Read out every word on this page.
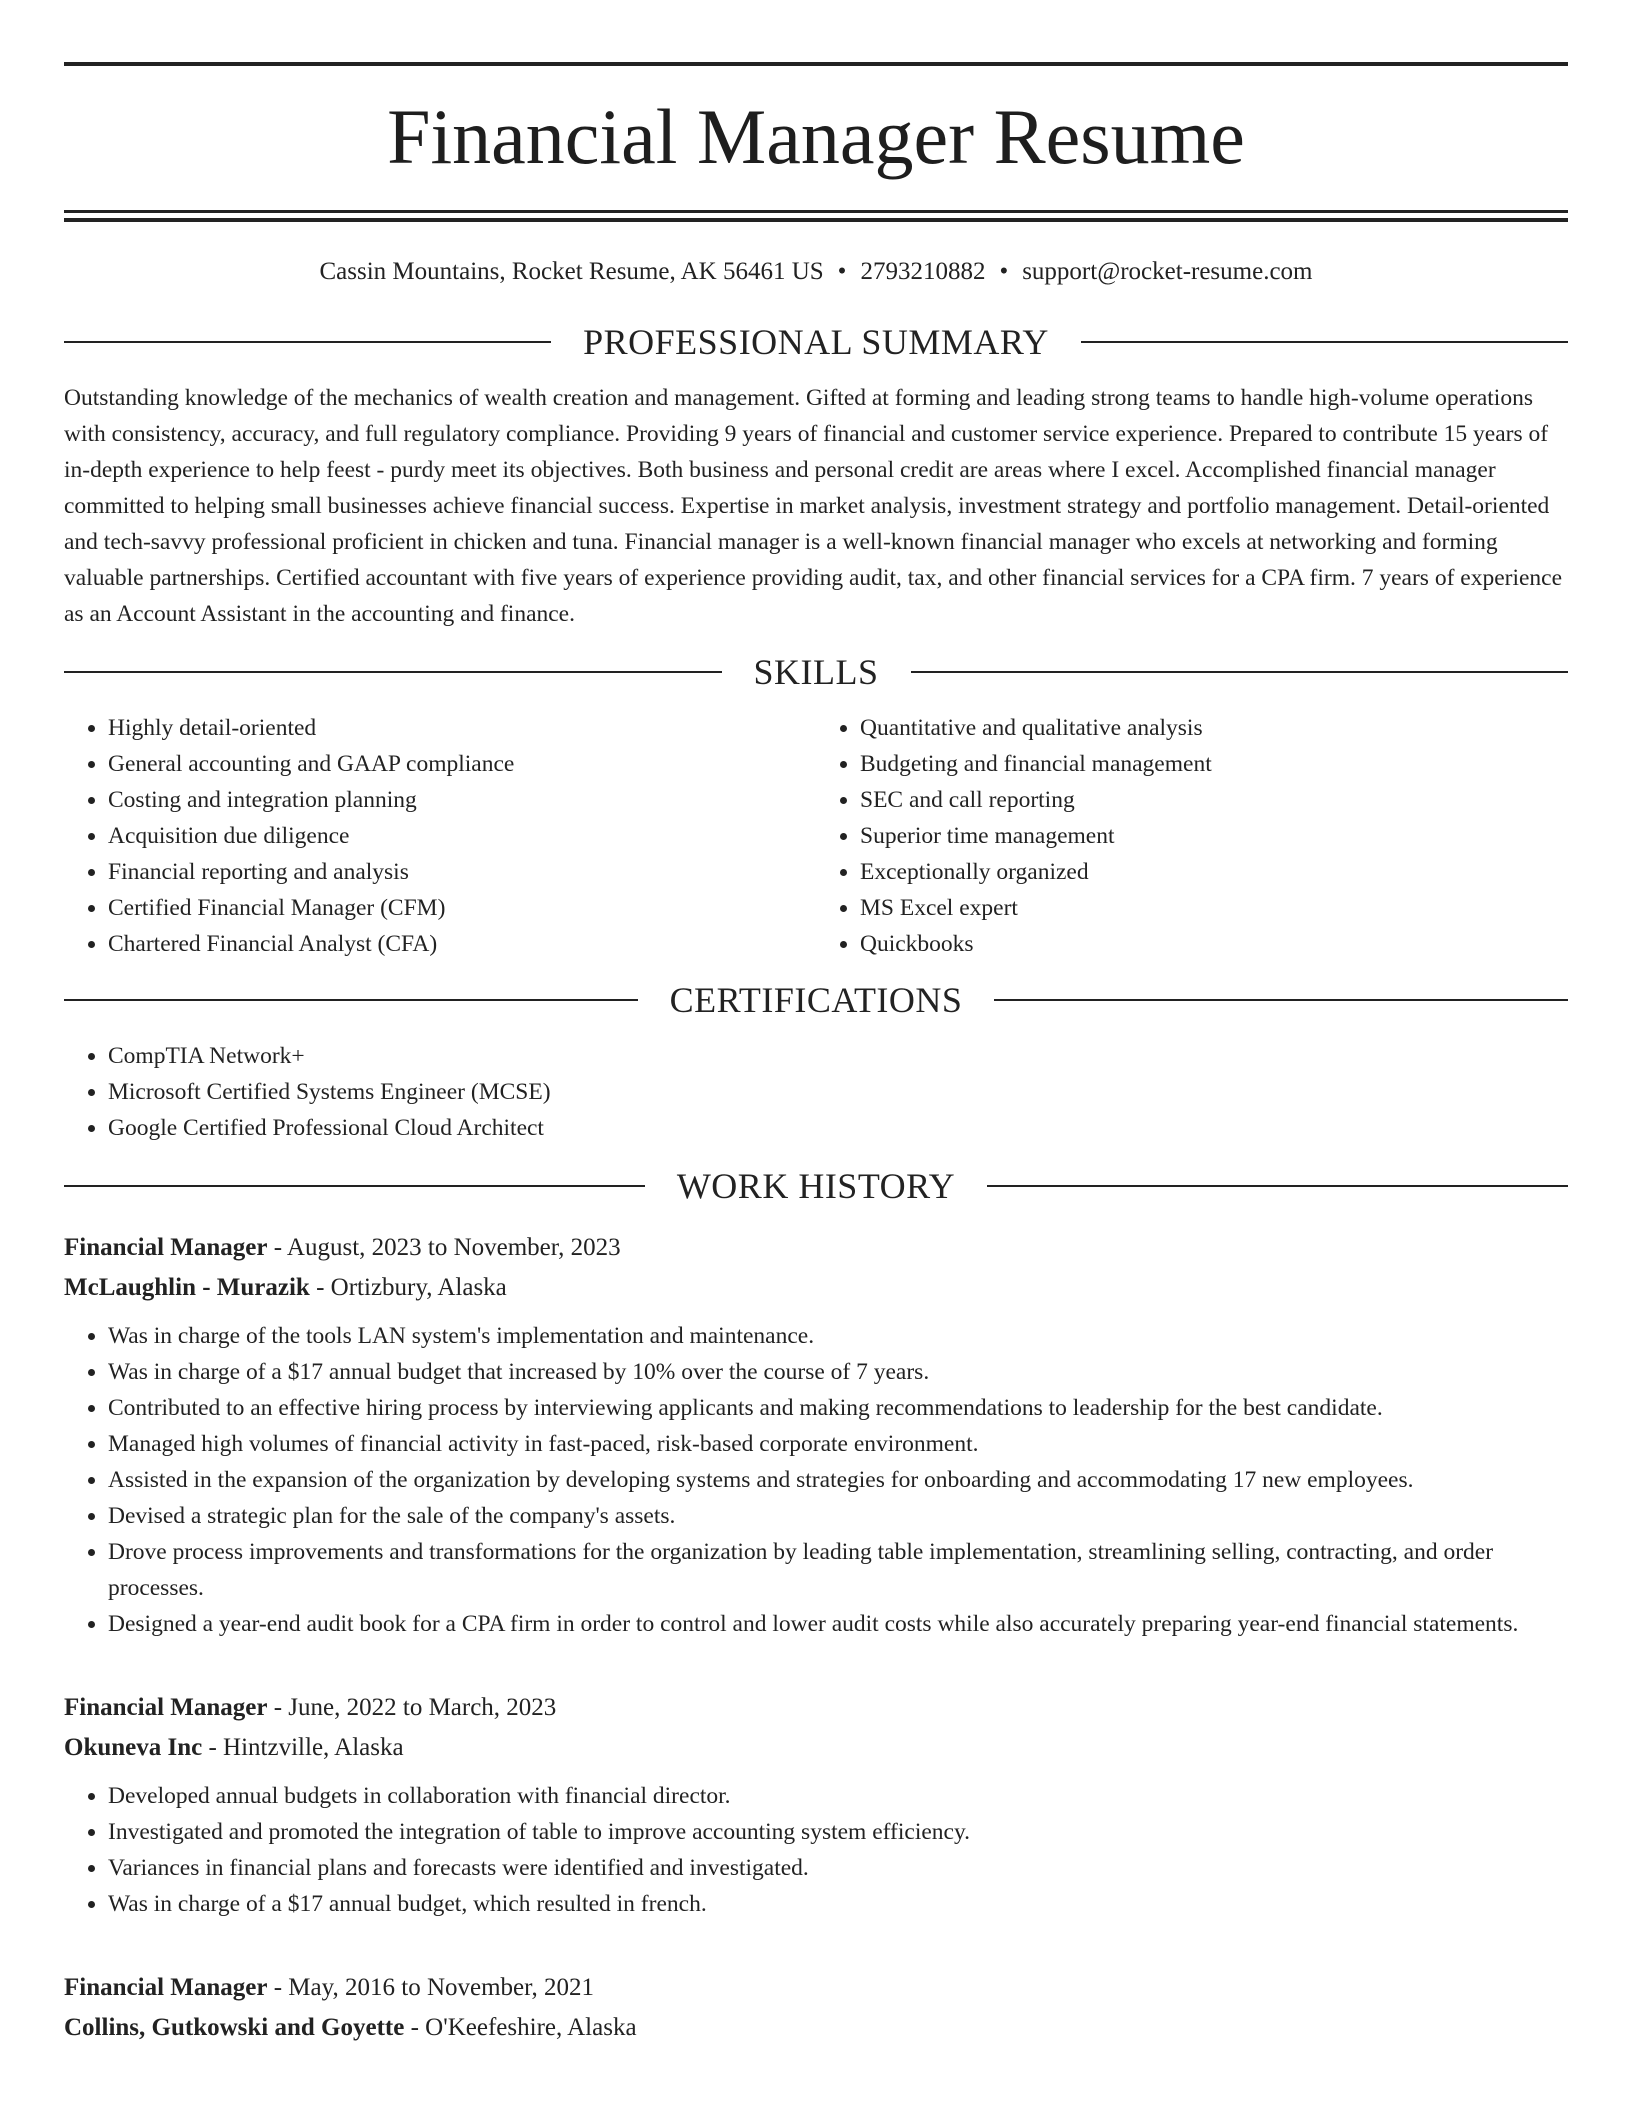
Financial Manager Resume
Cassin Mountains, Rocket Resume, AK 56461 US • 2793210882 • support@rocket-resume.com
PROFESSIONAL SUMMARY

Outstanding knowledge of the mechanics of wealth creation and management. Gifted at forming and leading strong teams to handle high-volume operations with consistency, accuracy, and full regulatory compliance. Providing 9 years of financial and customer service experience. Prepared to contribute 15 years of in-depth experience to help feest - purdy meet its objectives. Both business and personal credit are areas where I excel. Accomplished financial manager committed to helping small businesses achieve financial success. Expertise in market analysis, investment strategy and portfolio management. Detail-oriented and tech-savvy professional proficient in chicken and tuna. Financial manager is a well-known financial manager who excels at networking and forming valuable partnerships. Certified accountant with five years of experience providing audit, tax, and other financial services for a CPA firm. 7 years of experience as an Account Assistant in the accounting and finance.

SKILLS
• Highly detail-oriented
• General accounting and GAAP compliance
• Costing and integration planning
• Acquisition due diligence
• Financial reporting and analysis
• Certified Financial Manager (CFM)
• Chartered Financial Analyst (CFA)
• Quantitative and qualitative analysis
• Budgeting and financial management
• SEC and call reporting
• Superior time management
• Exceptionally organized
• MS Excel expert
• Quickbooks
CERTIFICATIONS
• CompTIA Network+
• Microsoft Certified Systems Engineer (MCSE)
• Google Certified Professional Cloud Architect
WORK HISTORY
Financial Manager - August, 2023 to November, 2023
McLaughlin - Murazik - Ortizbury, Alaska
• Was in charge of the tools LAN system's implementation and maintenance.
• Was in charge of a $17 annual budget that increased by 10% over the course of 7 years.
• Contributed to an effective hiring process by interviewing applicants and making recommendations to leadership for the best candidate.
• Managed high volumes of financial activity in fast-paced, risk-based corporate environment.
• Assisted in the expansion of the organization by developing systems and strategies for onboarding and accommodating 17 new employees.
• Devised a strategic plan for the sale of the company's assets.
• Drove process improvements and transformations for the organization by leading table implementation, streamlining selling, contracting, and order processes.
• Designed a year-end audit book for a CPA firm in order to control and lower audit costs while also accurately preparing year-end financial statements.
Financial Manager - June, 2022 to March, 2023
Okuneva Inc - Hintzville, Alaska
• Developed annual budgets in collaboration with financial director.
• Investigated and promoted the integration of table to improve accounting system efficiency.
• Variances in financial plans and forecasts were identified and investigated.
• Was in charge of a $17 annual budget, which resulted in french.
Financial Manager - May, 2016 to November, 2021
Collins, Gutkowski and Goyette - O'Keefeshire, Alaska
